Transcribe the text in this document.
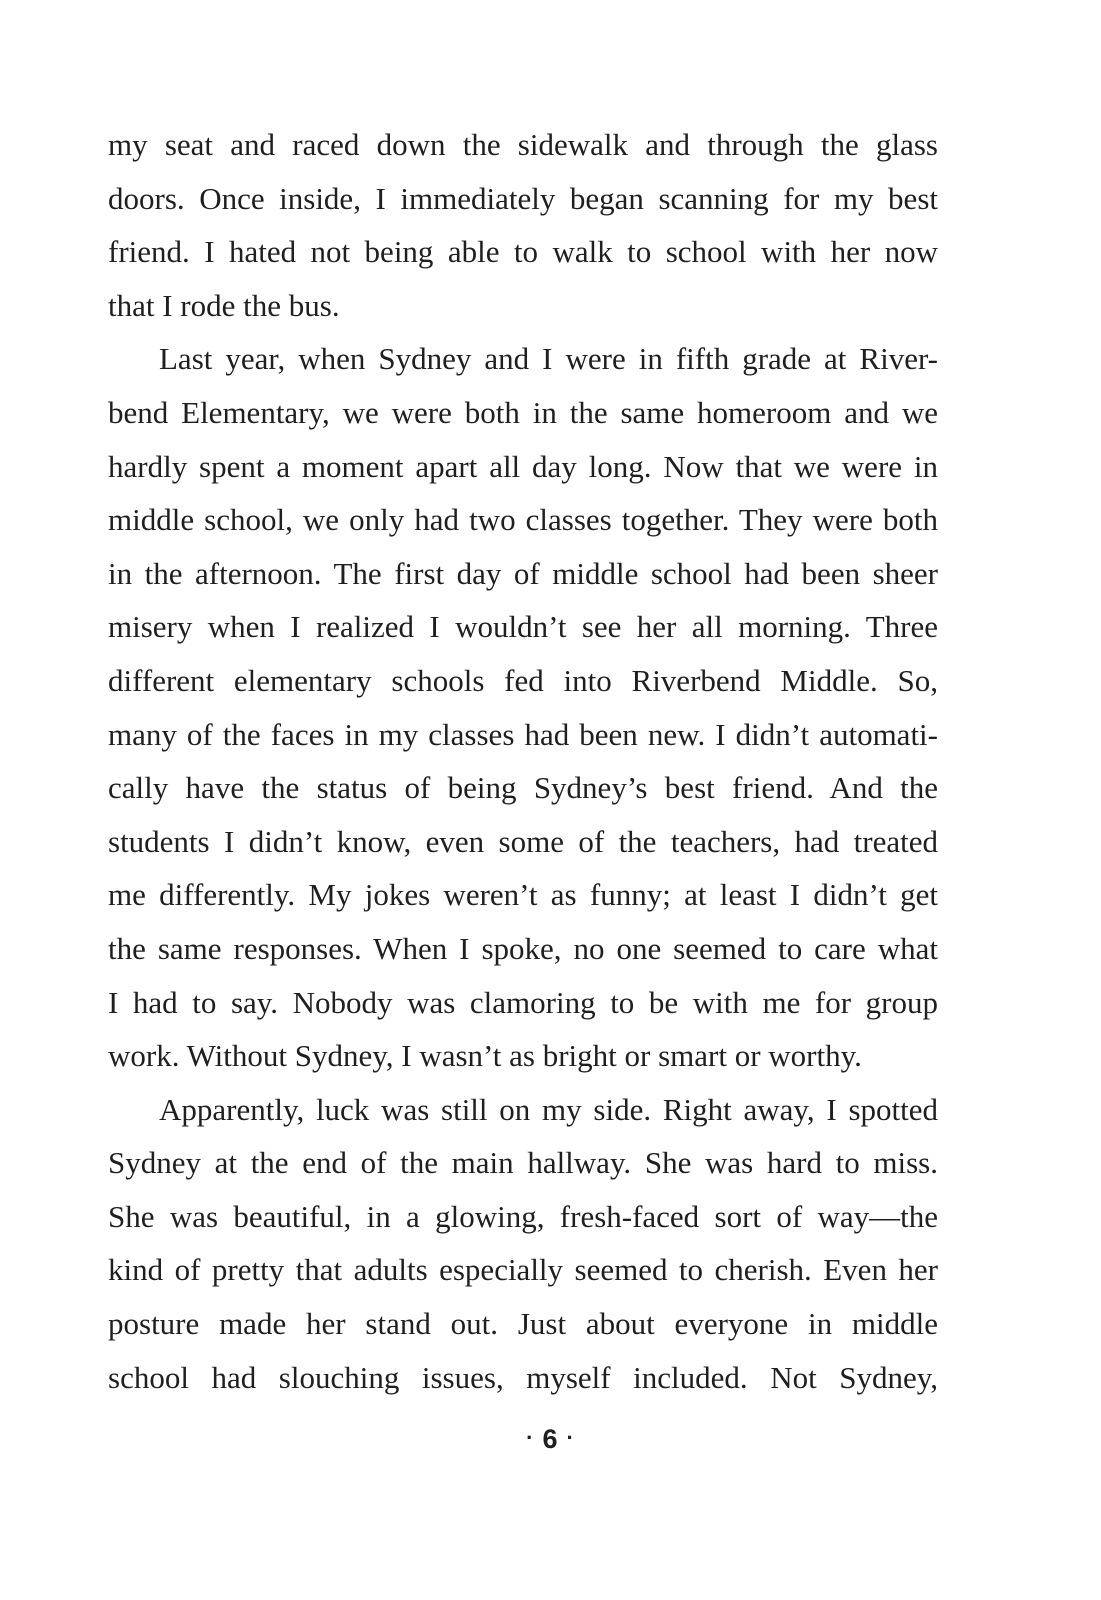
my seat and raced down the sidewalk and through the glass
doors. Once inside, I immediately began scanning for my best
friend. I hated not being able to walk to school with her now
that I rode the bus.
Last year, when Sydney and I were in fifth grade at River-
bend Elementary, we were both in the same homeroom and we
hardly spent a moment apart all day long. Now that we were in
middle school, we only had two classes together. They were both
in the afternoon. The first day of middle school had been sheer
misery when I realized I wouldn’t see her all morning. Three
different elementary schools fed into Riverbend Middle. So,
many of the faces in my classes had been new. I didn’t automati-
cally have the status of being Sydney’s best friend. And the
students I didn’t know, even some of the teachers, had treated
me differently. My jokes weren’t as funny; at least I didn’t get
the same responses. When I spoke, no one seemed to care what
I had to say. Nobody was clamoring to be with me for group
work. Without Sydney, I wasn’t as bright or smart or worthy.
Apparently, luck was still on my side. Right away, I spotted
Sydney at the end of the main hallway. She was hard to miss.
She was beautiful, in a glowing, fresh-faced sort of way—the
kind of pretty that adults especially seemed to cherish. Even her
posture made her stand out. Just about everyone in middle
school had slouching issues, myself included. Not Sydney,
· 6 ·
